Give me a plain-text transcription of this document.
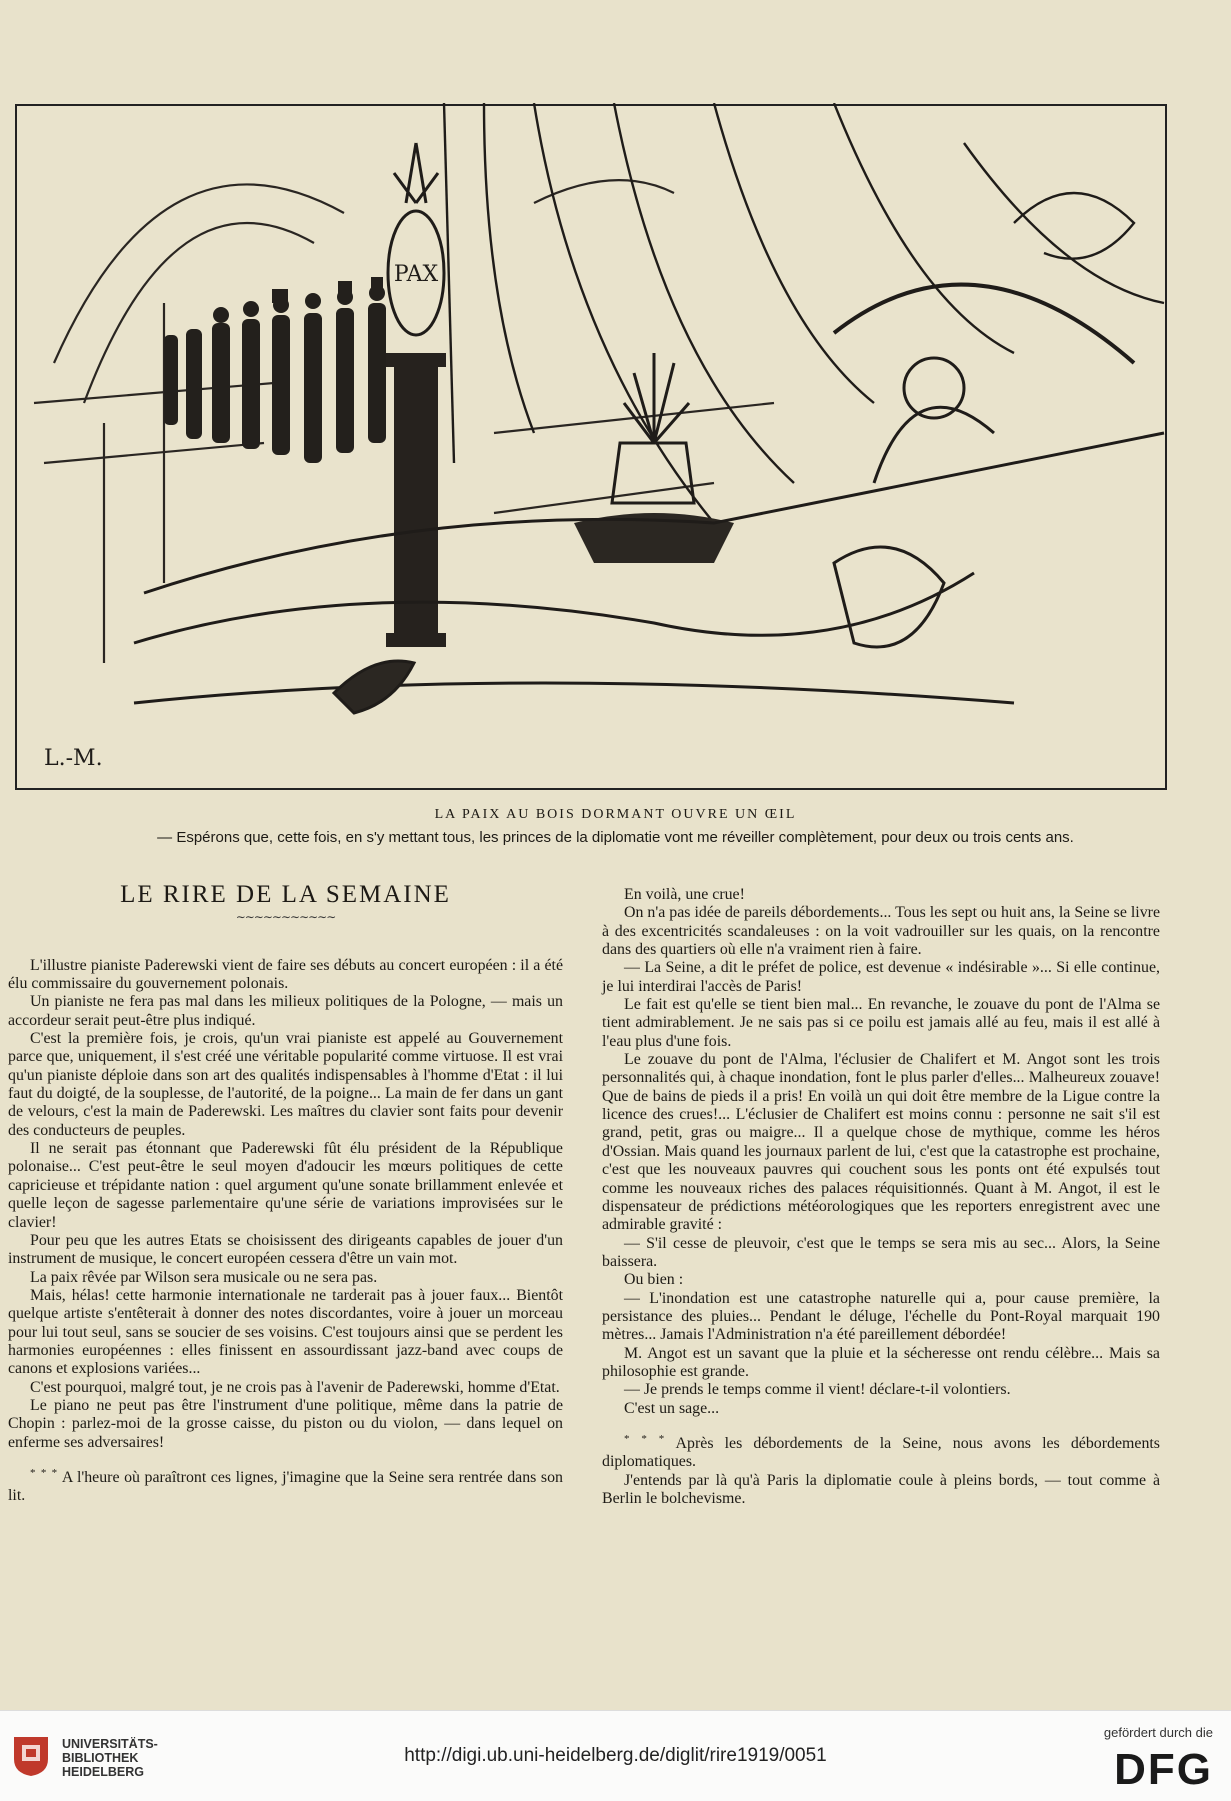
PAX
L.-M.
LA PAIX AU BOIS DORMANT OUVRE UN ŒIL
— Espérons que, cette fois, en s'y mettant tous, les princes de la diplomatie vont me réveiller complètement, pour deux ou trois cents ans.
LE RIRE DE LA SEMAINE
∼∼∼∼∼∼∼∼∼∼∼

L'illustre pianiste Paderewski vient de faire ses débuts au concert européen : il a été élu commissaire du gouvernement polonais.

Un pianiste ne fera pas mal dans les milieux politiques de la Pologne, — mais un accordeur serait peut-être plus indiqué.

C'est la première fois, je crois, qu'un vrai pianiste est appelé au Gouvernement parce que, uniquement, il s'est créé une véritable popularité comme virtuose. Il est vrai qu'un pianiste déploie dans son art des qualités indispensables à l'homme d'Etat : il lui faut du doigté, de la souplesse, de l'autorité, de la poigne... La main de fer dans un gant de velours, c'est la main de Paderewski. Les maîtres du clavier sont faits pour devenir des conducteurs de peuples.

Il ne serait pas étonnant que Paderewski fût élu président de la République polonaise... C'est peut-être le seul moyen d'adoucir les mœurs politiques de cette capricieuse et trépidante nation : quel argument qu'une sonate brillamment enlevée et quelle leçon de sagesse parlementaire qu'une série de variations improvisées sur le clavier!

Pour peu que les autres Etats se choisissent des dirigeants capables de jouer d'un instrument de musique, le concert européen cessera d'être un vain mot.

La paix rêvée par Wilson sera musicale ou ne sera pas.

Mais, hélas! cette harmonie internationale ne tarderait pas à jouer faux... Bientôt quelque artiste s'entêterait à donner des notes discordantes, voire à jouer un morceau pour lui tout seul, sans se soucier de ses voisins. C'est toujours ainsi que se perdent les harmonies européennes : elles finissent en assourdissant jazz-band avec coups de canons et explosions variées...

C'est pourquoi, malgré tout, je ne crois pas à l'avenir de Paderewski, homme d'Etat.

Le piano ne peut pas être l'instrument d'une politique, même dans la patrie de Chopin : parlez-moi de la grosse caisse, du piston ou du violon, — dans lequel on enferme ses adversaires!

* * * A l'heure où paraîtront ces lignes, j'imagine que la Seine sera rentrée dans son lit.

En voilà, une crue!

On n'a pas idée de pareils débordements... Tous les sept ou huit ans, la Seine se livre à des excentricités scandaleuses : on la voit vadrouiller sur les quais, on la rencontre dans des quartiers où elle n'a vraiment rien à faire.

— La Seine, a dit le préfet de police, est devenue « indésirable »... Si elle continue, je lui interdirai l'accès de Paris!

Le fait est qu'elle se tient bien mal... En revanche, le zouave du pont de l'Alma se tient admirablement. Je ne sais pas si ce poilu est jamais allé au feu, mais il est allé à l'eau plus d'une fois.

Le zouave du pont de l'Alma, l'éclusier de Chalifert et M. Angot sont les trois personnalités qui, à chaque inondation, font le plus parler d'elles... Malheureux zouave! Que de bains de pieds il a pris! En voilà un qui doit être membre de la Ligue contre la licence des crues!... L'éclusier de Chalifert est moins connu : personne ne sait s'il est grand, petit, gras ou maigre... Il a quelque chose de mythique, comme les héros d'Ossian. Mais quand les journaux parlent de lui, c'est que la catastrophe est prochaine, c'est que les nouveaux pauvres qui couchent sous les ponts ont été expulsés tout comme les nouveaux riches des palaces réquisitionnés. Quant à M. Angot, il est le dispensateur de prédictions météorologiques que les reporters enregistrent avec une admirable gravité :

— S'il cesse de pleuvoir, c'est que le temps se sera mis au sec... Alors, la Seine baissera.

Ou bien :

— L'inondation est une catastrophe naturelle qui a, pour cause première, la persistance des pluies... Pendant le déluge, l'échelle du Pont-Royal marquait 190 mètres... Jamais l'Administration n'a été pareillement débordée!

M. Angot est un savant que la pluie et la sécheresse ont rendu célèbre... Mais sa philosophie est grande.

— Je prends le temps comme il vient! déclare-t-il volontiers.

C'est un sage...

* * * Après les débordements de la Seine, nous avons les débordements diplomatiques.

J'entends par là qu'à Paris la diplomatie coule à pleins bords, — tout comme à Berlin le bolchevisme.

UNIVERSITÄTS-
BIBLIOTHEK
HEIDELBERG
http://digi.ub.uni-heidelberg.de/diglit/rire1919/0051
gefördert durch die
DFG
